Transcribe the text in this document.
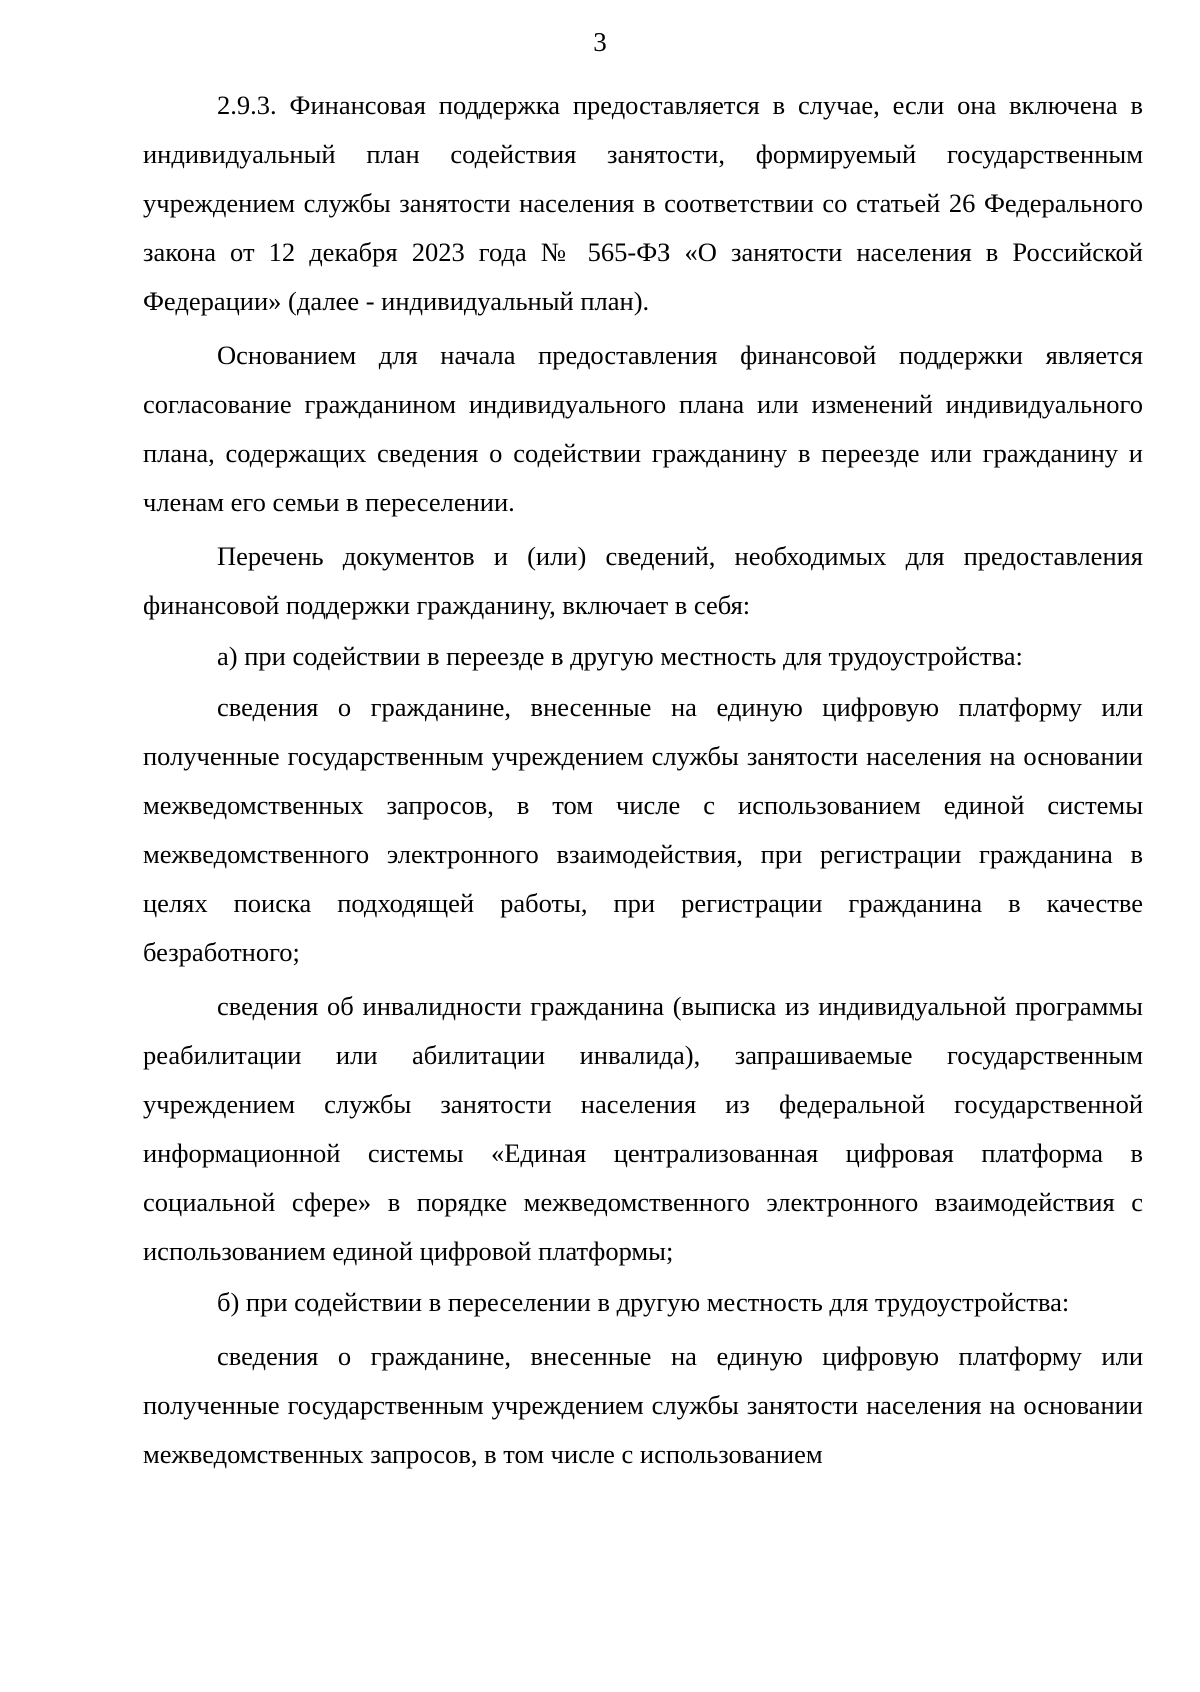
3

2.9.3. Финансовая поддержка предоставляется в случае, если она включена в индивидуальный план содействия занятости, формируемый государственным учреждением службы занятости населения в соответствии со статьей 26 Федерального закона от 12 декабря 2023 года № 565-ФЗ «О занятости населения в Российской Федерации» (далее - индивидуальный план).

Основанием для начала предоставления финансовой поддержки является согласование гражданином индивидуального плана или изменений индивидуального плана, содержащих сведения о содействии гражданину в переезде или гражданину и членам его семьи в переселении.

Перечень документов и (или) сведений, необходимых для предоставления финансовой поддержки гражданину, включает в себя:

а) при содействии в переезде в другую местность для трудоустройства:

сведения о гражданине, внесенные на единую цифровую платформу или полученные государственным учреждением службы занятости населения на основании межведомственных запросов, в том числе с использованием единой системы межведомственного электронного взаимодействия, при регистрации гражданина в целях поиска подходящей работы, при регистрации гражданина в качестве безработного;

сведения об инвалидности гражданина (выписка из индивидуальной программы реабилитации или абилитации инвалида), запрашиваемые государственным учреждением службы занятости населения из федеральной государственной информационной системы «Единая централизованная цифровая платформа в социальной сфере» в порядке межведомственного электронного взаимодействия с использованием единой цифровой платформы;

б) при содействии в переселении в другую местность для трудоустройства:

сведения о гражданине, внесенные на единую цифровую платформу или полученные государственным учреждением службы занятости населения на основании межведомственных запросов, в том числе с использованием
